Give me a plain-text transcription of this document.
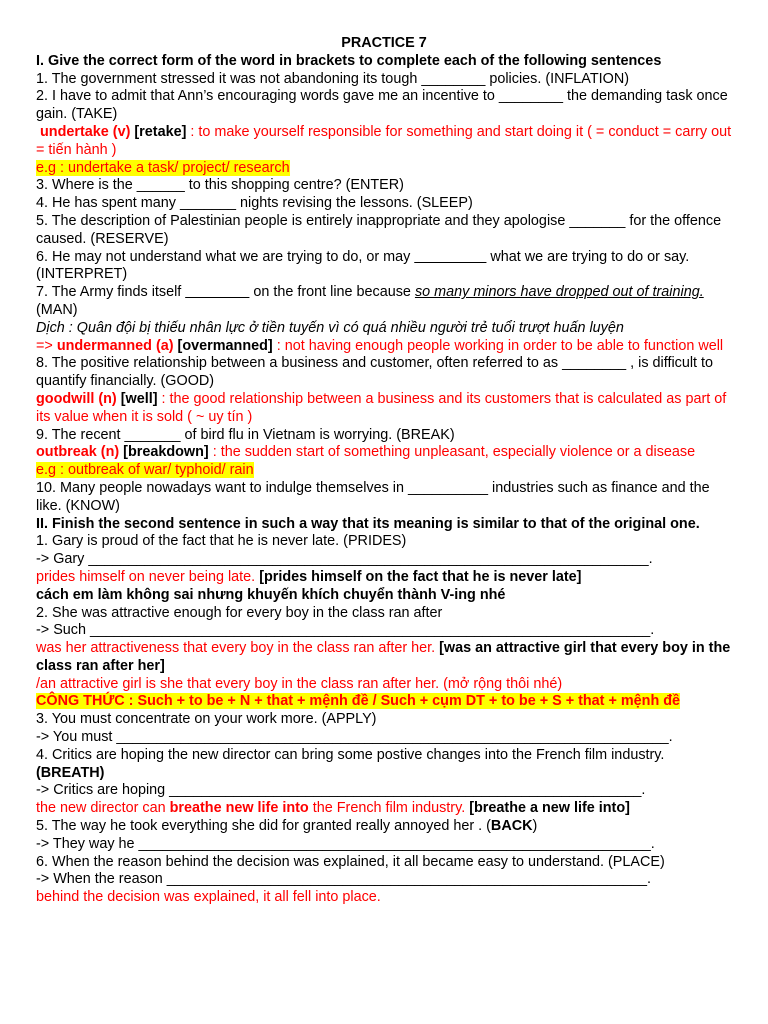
PRACTICE 7

I. Give the correct form of the word in brackets to complete each of the following sentences

1. The government stressed it was not abandoning its tough ________ policies. (INFLATION)

2. I have to admit that Ann’s encouraging words gave me an incentive to ________ the demanding task once gain. (TAKE)

undertake (v) [retake] : to make yourself responsible for something and start doing it ( = conduct = carry out = tiến hành )

e.g : undertake a task/ project/ research

3. Where is the ______ to this shopping centre? (ENTER)

4. He has spent many _______ nights revising the lessons. (SLEEP)

5. The description of Palestinian people is entirely inappropriate and they apologise _______ for the offence caused. (RESERVE)

6. He may not understand what we are trying to do, or may _________ what we are trying to do or say. (INTERPRET)

7. The Army finds itself ________ on the front line because so many minors have dropped out of training. (MAN)

Dịch : Quân đội bị thiếu nhân lực ở tiền tuyến vì có quá nhiều người trẻ tuổi trượt huấn luyện

=> undermanned (a) [overmanned] : not having enough people working in order to be able to function well

8. The positive relationship between a business and customer, often referred to as ________ , is difficult to quantify financially. (GOOD)

goodwill (n) [well] : the good relationship between a business and its customers that is calculated as part of its value when it is sold ( ~ uy tín )

9. The recent _______ of bird flu in Vietnam is worrying. (BREAK)

outbreak (n) [breakdown] : the sudden start of something unpleasant, especially violence or a disease

e.g : outbreak of war/ typhoid/ rain

10. Many people nowadays want to indulge themselves in __________ industries such as finance and the like. (KNOW)

II. Finish the second sentence in such a way that its meaning is similar to that of the original one.

1. Gary is proud of the fact that he is never late. (PRIDES)

-> Gary ______________________________________________________________________.

prides himself on never being late. [prides himself on the fact that he is never late]

cách em làm không sai nhưng khuyến khích chuyển thành V-ing nhé

2. She was attractive enough for every boy in the class ran after

-> Such ______________________________________________________________________.

was her attractiveness that every boy in the class ran after her. [was an attractive girl that every boy in the class ran after her]

/an attractive girl is she that every boy in the class ran after her. (mở rộng thôi nhé)

CÔNG THỨC : Such + to be + N + that + mệnh đề / Such + cụm DT + to be + S + that + mệnh đề

3. You must concentrate on your work more. (APPLY)

-> You must _____________________________________________________________________.

4. Critics are hoping the new director can bring some postive changes into the French film industry.

(BREATH)

-> Critics are hoping ___________________________________________________________.

the new director can breathe new life into the French film industry. [breathe a new life into]

5. The way he took everything she did for granted really annoyed her . (BACK)

-> They way he ________________________________________________________________.

6. When the reason behind the decision was explained, it all became easy to understand. (PLACE)

-> When the reason ____________________________________________________________.

behind the decision was explained, it all fell into place.
